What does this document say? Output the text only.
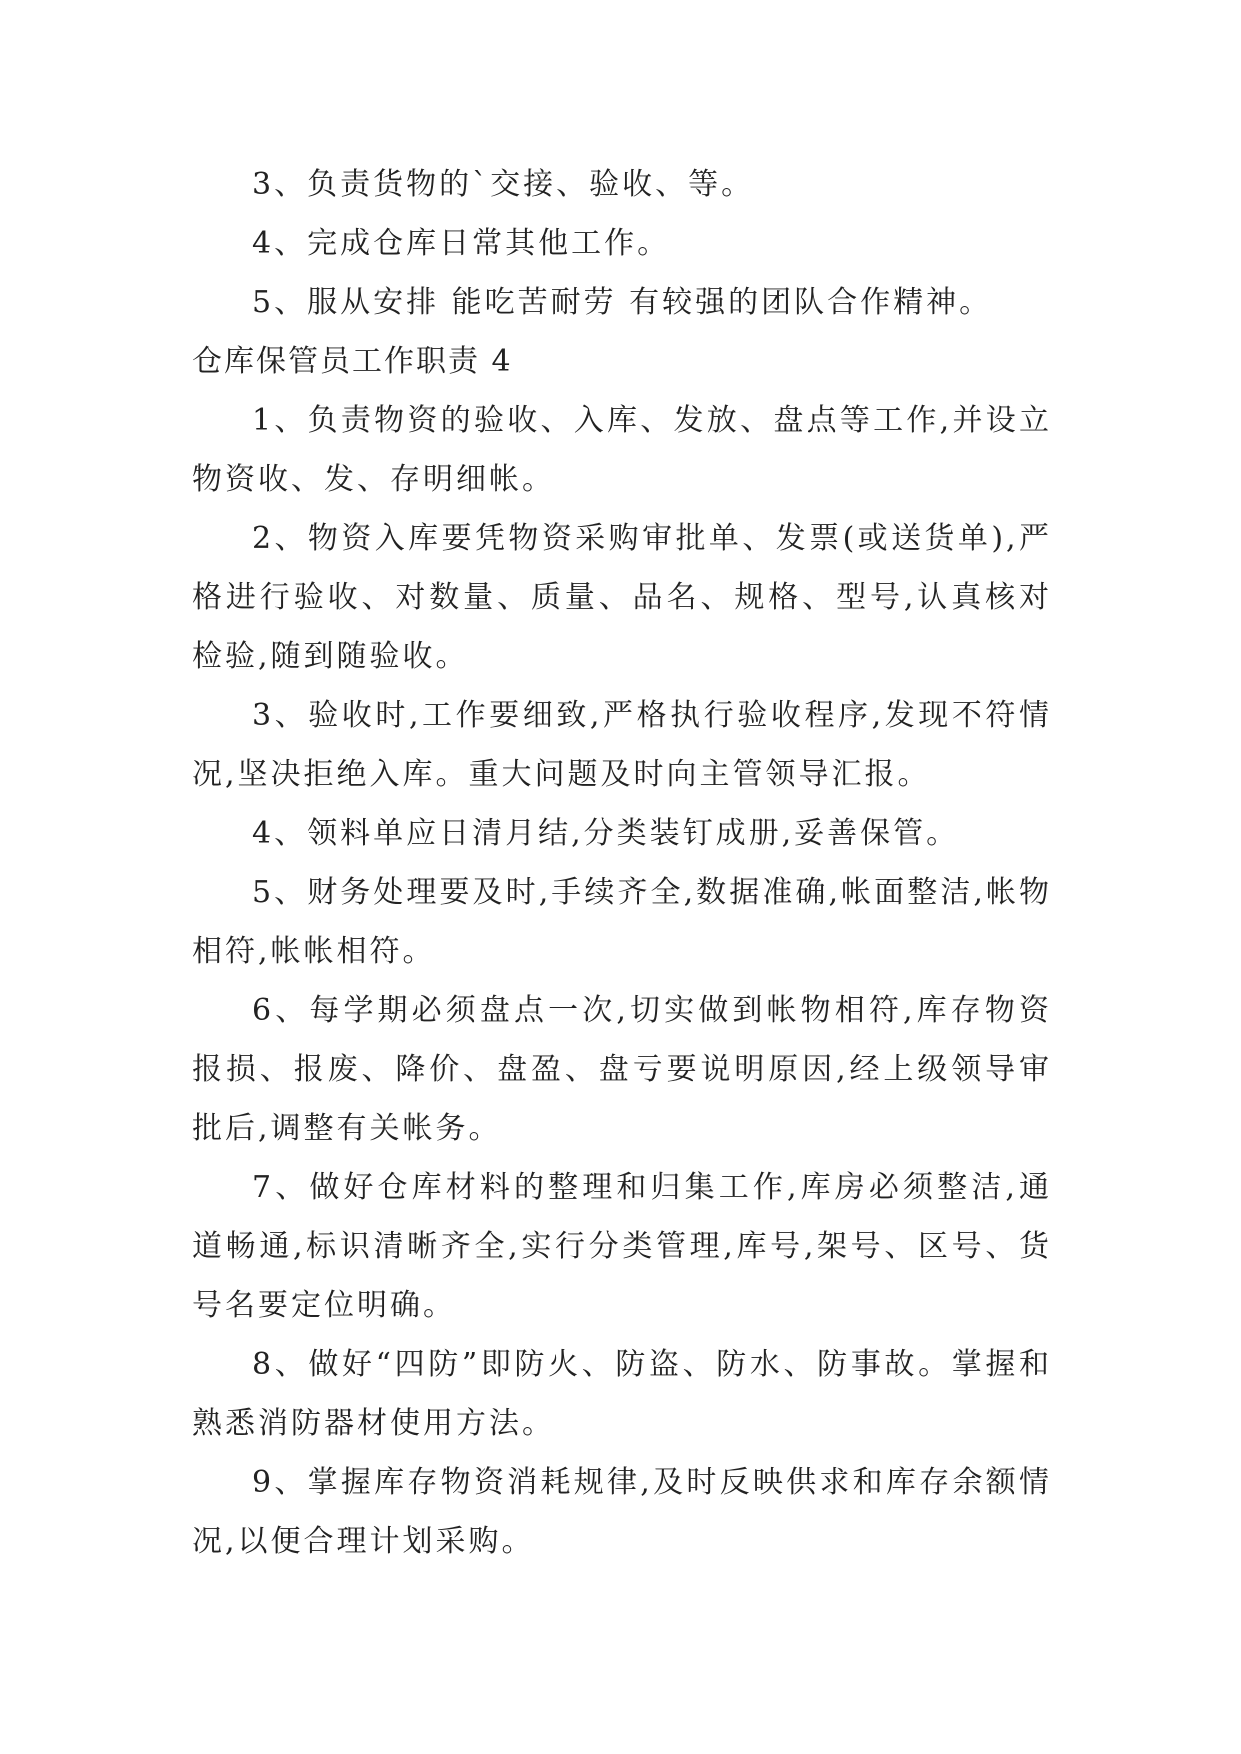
3、负责货物的`交接、验收、等。

4、完成仓库日常其他工作。

5、服从安排 能吃苦耐劳 有较强的团队合作精神。

仓库保管员工作职责 4

1、负责物资的验收、入库、发放、盘点等工作,并设立物资收、发、存明细帐。

2、物资入库要凭物资采购审批单、发票(或送货单),严格进行验收、对数量、质量、品名、规格、型号,认真核对检验,随到随验收。

3、验收时,工作要细致,严格执行验收程序,发现不符情况,坚决拒绝入库。重大问题及时向主管领导汇报。

4、领料单应日清月结,分类装钉成册,妥善保管。

5、财务处理要及时,手续齐全,数据准确,帐面整洁,帐物相符,帐帐相符。

6、每学期必须盘点一次,切实做到帐物相符,库存物资报损、报废、降价、盘盈、盘亏要说明原因,经上级领导审批后,调整有关帐务。

7、做好仓库材料的整理和归集工作,库房必须整洁,通道畅通,标识清晰齐全,实行分类管理,库号,架号、区号、货号名要定位明确。

8、做好“四防”即防火、防盗、防水、防事故。掌握和熟悉消防器材使用方法。

9、掌握库存物资消耗规律,及时反映供求和库存余额情况,以便合理计划采购。
